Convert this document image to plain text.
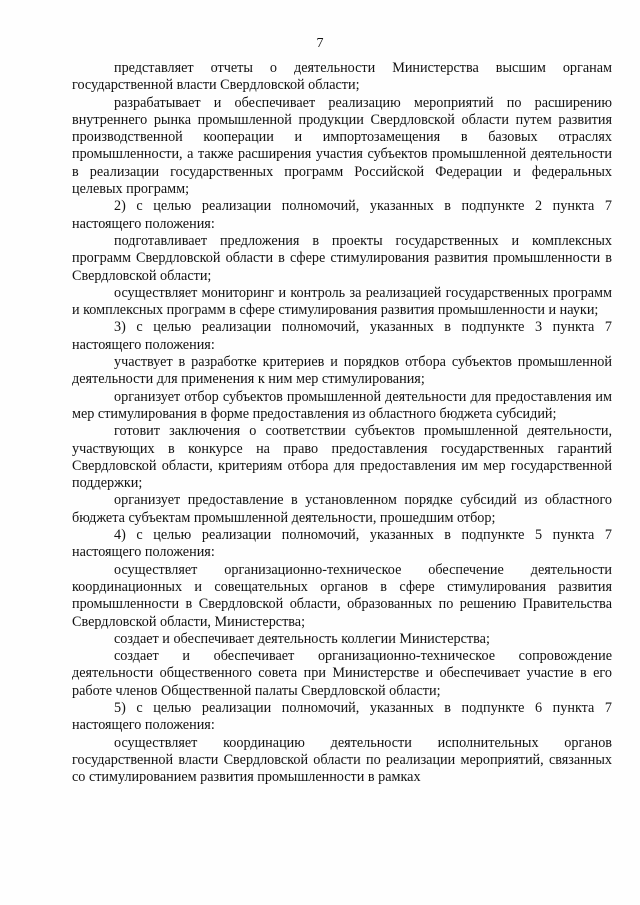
7

представляет отчеты о деятельности Министерства высшим органам государственной власти Свердловской области;

разрабатывает и обеспечивает реализацию мероприятий по расширению внутреннего рынка промышленной продукции Свердловской области путем развития производственной кооперации и импортозамещения в базовых отраслях промышленности, а также расширения участия субъектов промышленной деятельности в реализации государственных программ Российской Федерации и федеральных целевых программ;

2) с целью реализации полномочий, указанных в подпункте 2 пункта 7 настоящего положения:

подготавливает предложения в проекты государственных и комплексных программ Свердловской области в сфере стимулирования развития промышленности в Свердловской области;

осуществляет мониторинг и контроль за реализацией государственных программ и комплексных программ в сфере стимулирования развития промышленности и науки;

3) с целью реализации полномочий, указанных в подпункте 3 пункта 7 настоящего положения:

участвует в разработке критериев и порядков отбора субъектов промышленной деятельности для применения к ним мер стимулирования;

организует отбор субъектов промышленной деятельности для предоставления им мер стимулирования в форме предоставления из областного бюджета субсидий;

готовит заключения о соответствии субъектов промышленной деятельности, участвующих в конкурсе на право предоставления государственных гарантий Свердловской области, критериям отбора для предоставления им мер государственной поддержки;

организует предоставление в установленном порядке субсидий из областного бюджета субъектам промышленной деятельности, прошедшим отбор;

4) с целью реализации полномочий, указанных в подпункте 5 пункта 7 настоящего положения:

осуществляет организационно-техническое обеспечение деятельности координационных и совещательных органов в сфере стимулирования развития промышленности в Свердловской области, образованных по решению Правительства Свердловской области, Министерства;

создает и обеспечивает деятельность коллегии Министерства;

создает и обеспечивает организационно-техническое сопровождение деятельности общественного совета при Министерстве и обеспечивает участие в его работе членов Общественной палаты Свердловской области;

5) с целью реализации полномочий, указанных в подпункте 6 пункта 7 настоящего положения:

осуществляет координацию деятельности исполнительных органов государственной власти Свердловской области по реализации мероприятий, связанных со стимулированием развития промышленности в рамках
